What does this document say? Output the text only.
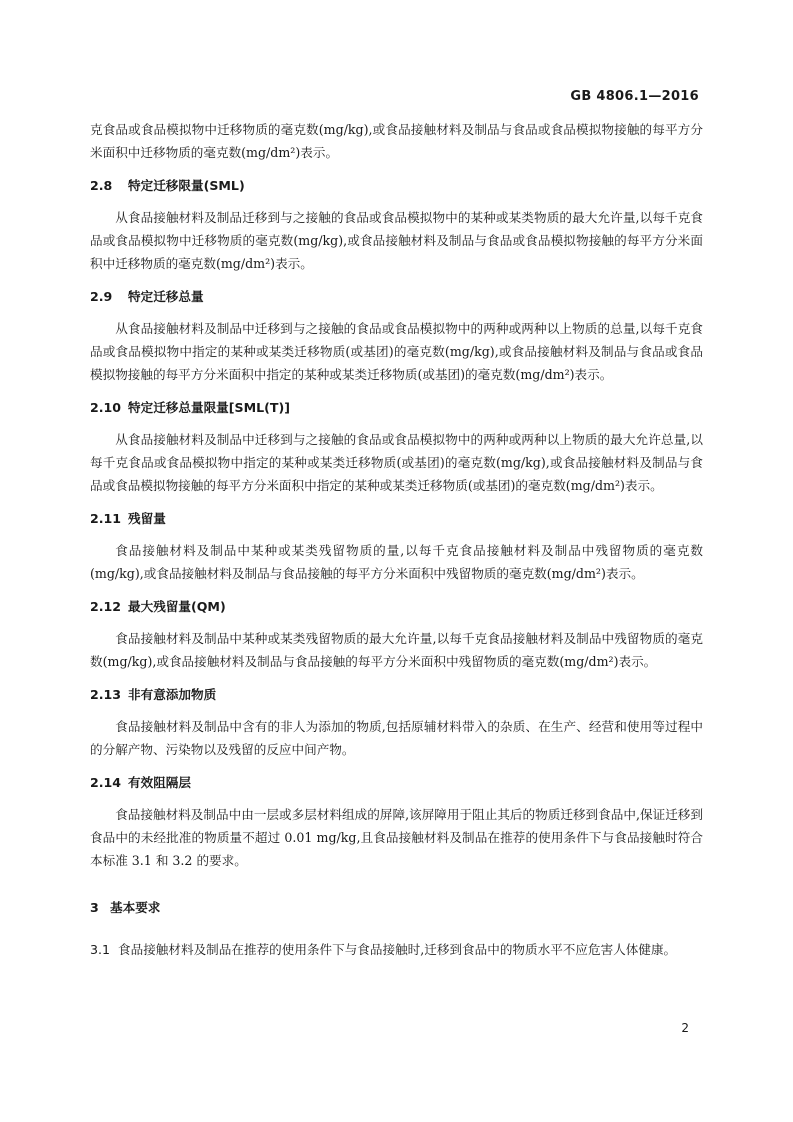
GB 4806.1—2016

克食品或食品模拟物中迁移物质的毫克数(mg/kg),或食品接触材料及制品与食品或食品模拟物接触的每平方分米面积中迁移物质的毫克数(mg/dm²)表示。

2.8 特定迁移限量(SML)

从食品接触材料及制品迁移到与之接触的食品或食品模拟物中的某种或某类物质的最大允许量,以每千克食品或食品模拟物中迁移物质的毫克数(mg/kg),或食品接触材料及制品与食品或食品模拟物接触的每平方分米面积中迁移物质的毫克数(mg/dm²)表示。

2.9 特定迁移总量

从食品接触材料及制品中迁移到与之接触的食品或食品模拟物中的两种或两种以上物质的总量,以每千克食品或食品模拟物中指定的某种或某类迁移物质(或基团)的毫克数(mg/kg),或食品接触材料及制品与食品或食品模拟物接触的每平方分米面积中指定的某种或某类迁移物质(或基团)的毫克数(mg/dm²)表示。

2.10 特定迁移总量限量[SML(T)]

从食品接触材料及制品中迁移到与之接触的食品或食品模拟物中的两种或两种以上物质的最大允许总量,以每千克食品或食品模拟物中指定的某种或某类迁移物质(或基团)的毫克数(mg/kg),或食品接触材料及制品与食品或食品模拟物接触的每平方分米面积中指定的某种或某类迁移物质(或基团)的毫克数(mg/dm²)表示。

2.11 残留量

食品接触材料及制品中某种或某类残留物质的量,以每千克食品接触材料及制品中残留物质的毫克数(mg/kg),或食品接触材料及制品与食品接触的每平方分米面积中残留物质的毫克数(mg/dm²)表示。

2.12 最大残留量(QM)

食品接触材料及制品中某种或某类残留物质的最大允许量,以每千克食品接触材料及制品中残留物质的毫克数(mg/kg),或食品接触材料及制品与食品接触的每平方分米面积中残留物质的毫克数(mg/dm²)表示。

2.13 非有意添加物质

食品接触材料及制品中含有的非人为添加的物质,包括原辅材料带入的杂质、在生产、经营和使用等过程中的分解产物、污染物以及残留的反应中间产物。

2.14 有效阻隔层

食品接触材料及制品中由一层或多层材料组成的屏障,该屏障用于阻止其后的物质迁移到食品中,保证迁移到食品中的未经批准的物质量不超过 0.01 mg/kg,且食品接触材料及制品在推荐的使用条件下与食品接触时符合本标准 3.1 和 3.2 的要求。

3 基本要求

3.1 食品接触材料及制品在推荐的使用条件下与食品接触时,迁移到食品中的物质水平不应危害人体健康。

2
